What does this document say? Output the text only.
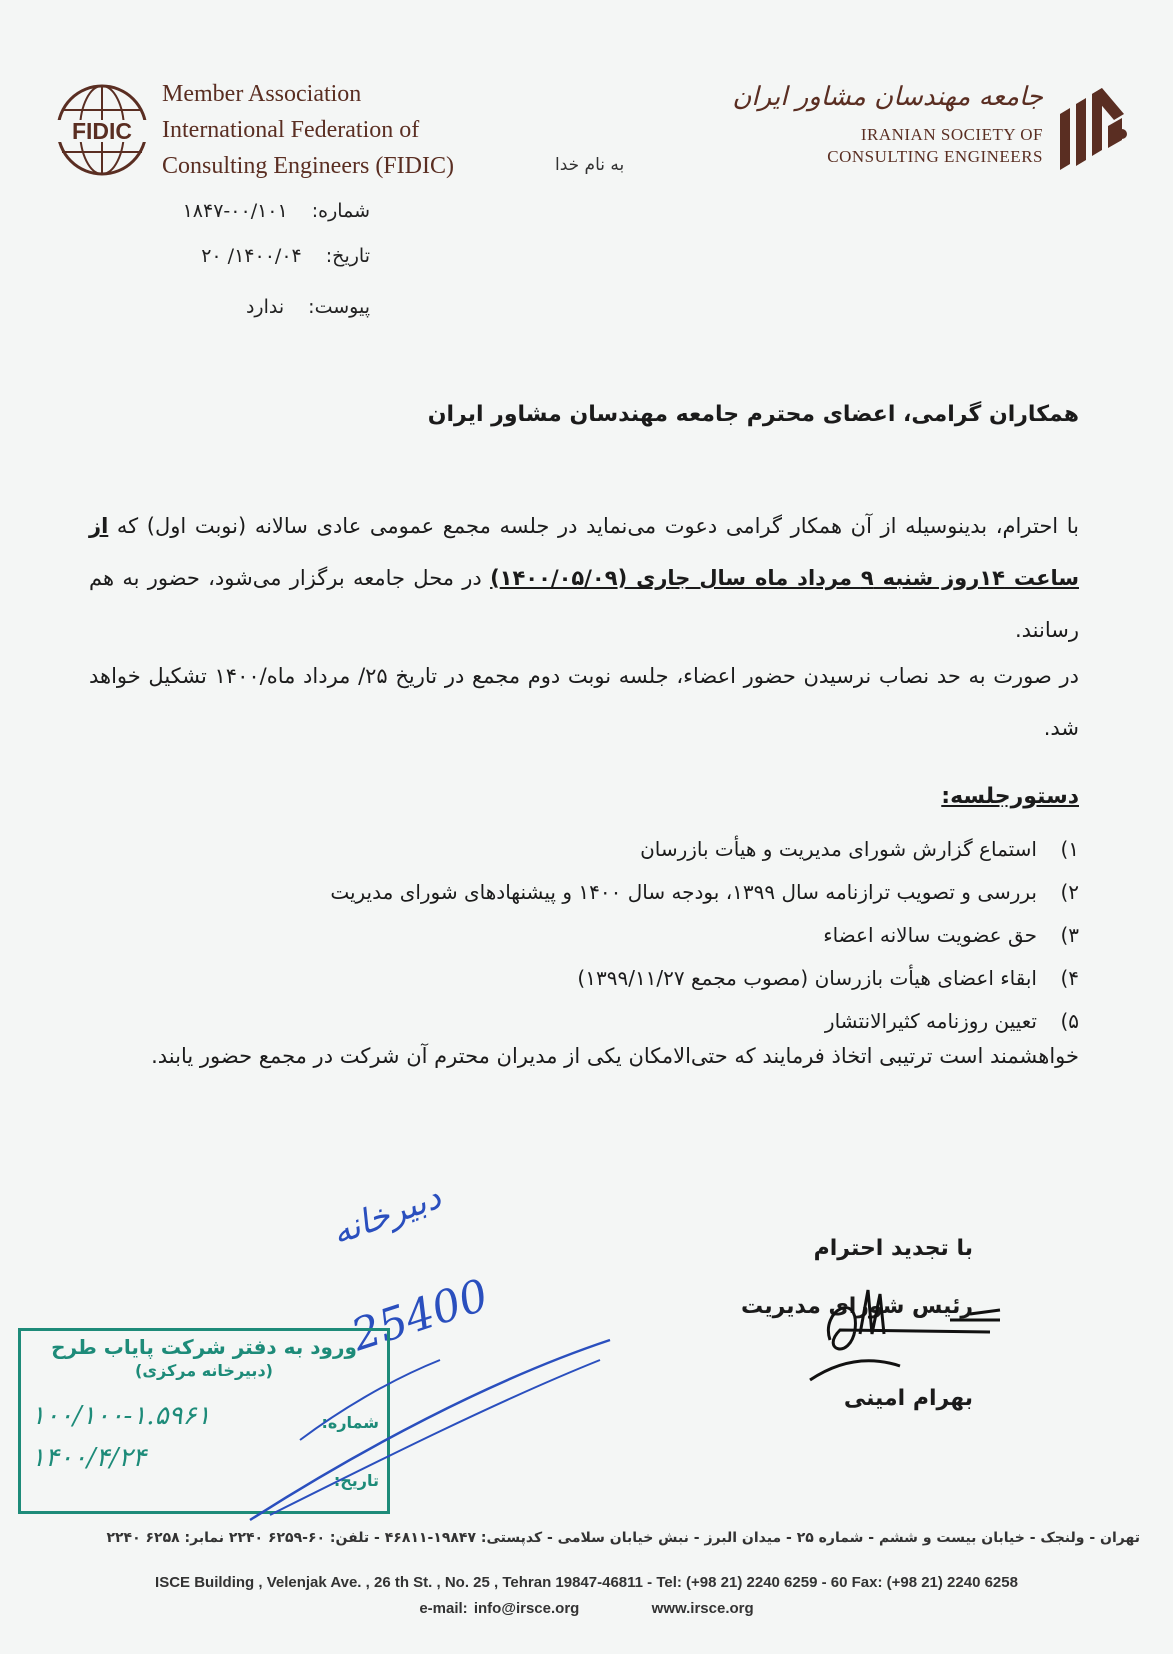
FIDIC
Member Association
International Federation of
Consulting Engineers (FIDIC)
جامعه مهندسان مشاور ایران
IRANIAN SOCIETY OF
CONSULTING ENGINEERS
به نام خدا
شماره: ۰۰/۱۰۱-۱۸۴۷
تاریخ: ۱۴۰۰/۰۴/ ۲۰
پیوست: ندارد
همکاران گرامی، اعضای محترم جامعه مهندسان مشاور ایران
با احترام، بدینوسیله از آن همکار گرامی دعوت می‌نماید در جلسه مجمع عمومی عادی سالانه (نوبت اول) که از ساعت ۱۴روز شنبه ۹ مرداد ماه سال جاری (۱۴۰۰/۰۵/۰۹) در محل جامعه برگزار می‌شود، حضور به هم رسانند.
در صورت به حد نصاب نرسیدن حضور اعضاء، جلسه نوبت دوم مجمع در تاریخ ۲۵/ مرداد ماه/۱۴۰۰ تشکیل خواهد شد.
دستورجلسه:
۱)استماع گزارش شورای مدیریت و هیأت بازرسان
۲)بررسی و تصویب ترازنامه سال ۱۳۹۹، بودجه سال ۱۴۰۰ و پیشنهادهای شورای مدیریت
۳)حق عضویت سالانه اعضاء
۴)ابقاء اعضای هیأت بازرسان (مصوب مجمع ۱۳۹۹/۱۱/۲۷)
۵)تعیین روزنامه کثیرالانتشار
خواهشمند است ترتیبی اتخاذ فرمایند که حتی‌الامکان یکی از مدیران محترم آن شرکت در مجمع حضور یابند.
با تجدید احترام
رئیس شورای مدیریت
بهرام امینی
دبیرخانه
25400
ورود به دفتر شرکت پایاب طرح
(دبیرخانه مرکزی)
شماره:
۱۰۰/۱۰۰-۱.۵۹۶۱
تاریخ:
۱۴۰۰/۴/۲۴
تهران - ولنجک - خیابان بیست و ششم - شماره ۲۵ - میدان البرز - نبش خیابان سلامی - کدپستی: ۱۹۸۴۷-۴۶۸۱۱ - تلفن: ۶۰-۶۲۵۹ ۲۲۴۰ نمابر: ۶۲۵۸ ۲۲۴۰
ISCE Building , Velenjak Ave. , 26 th St. , No. 25 , Tehran 19847-46811 - Tel: (+98 21) 2240 6259 - 60 Fax: (+98 21) 2240 6258
e-mail: info@irsce.org	www.irsce.org
